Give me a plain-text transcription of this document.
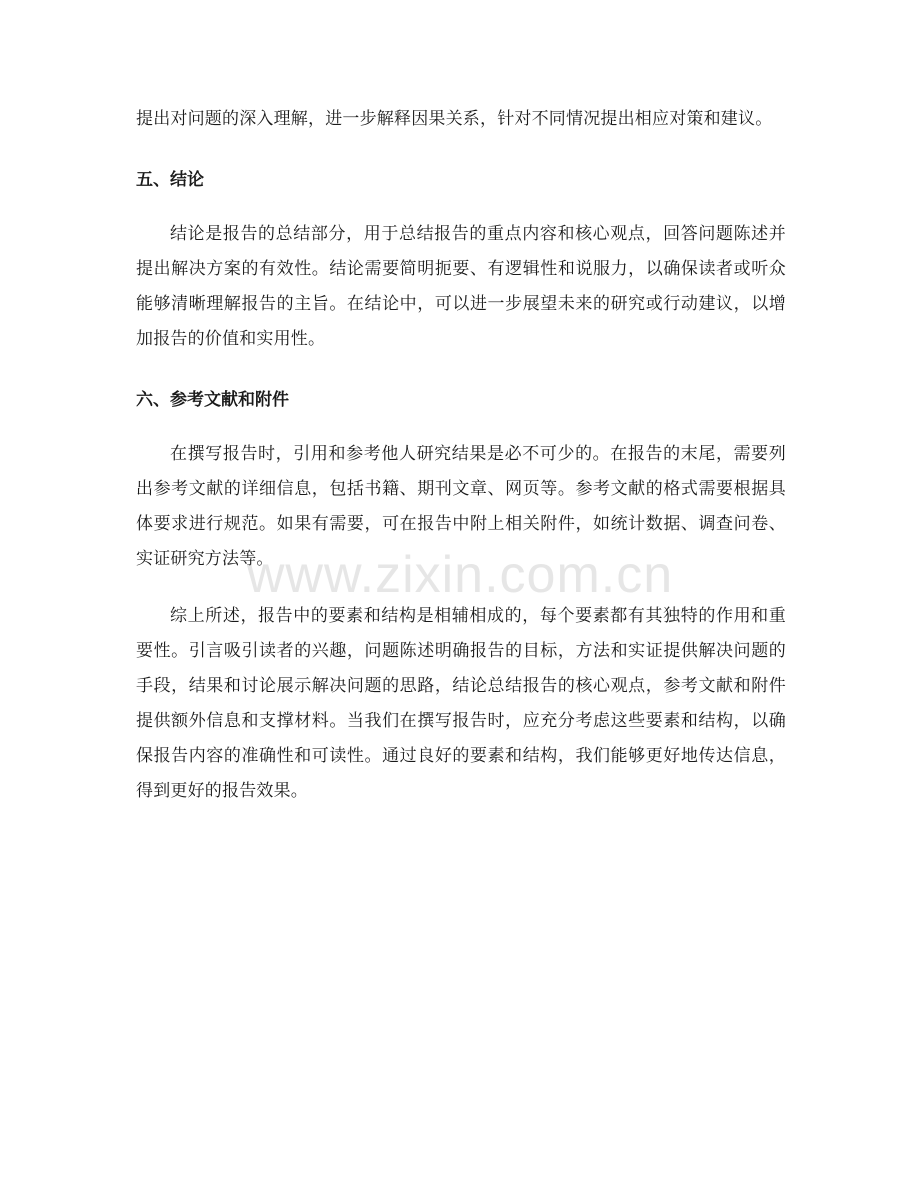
提出对问题的深入理解，进一步解释因果关系，针对不同情况提出相应对策和建议。

五、结论

结论是报告的总结部分，用于总结报告的重点内容和核心观点，回答问题陈述并提出解决方案的有效性。结论需要简明扼要、有逻辑性和说服力，以确保读者或听众能够清晰理解报告的主旨。在结论中，可以进一步展望未来的研究或行动建议，以增加报告的价值和实用性。

六、参考文献和附件

在撰写报告时，引用和参考他人研究结果是必不可少的。在报告的末尾，需要列出参考文献的详细信息，包括书籍、期刊文章、网页等。参考文献的格式需要根据具体要求进行规范。如果有需要，可在报告中附上相关附件，如统计数据、调查问卷、实证研究方法等。

综上所述，报告中的要素和结构是相辅相成的，每个要素都有其独特的作用和重要性。引言吸引读者的兴趣，问题陈述明确报告的目标，方法和实证提供解决问题的手段，结果和讨论展示解决问题的思路，结论总结报告的核心观点，参考文献和附件提供额外信息和支撑材料。当我们在撰写报告时，应充分考虑这些要素和结构，以确保报告内容的准确性和可读性。通过良好的要素和结构，我们能够更好地传达信息，得到更好的报告效果。

www.zixin.com.cn
